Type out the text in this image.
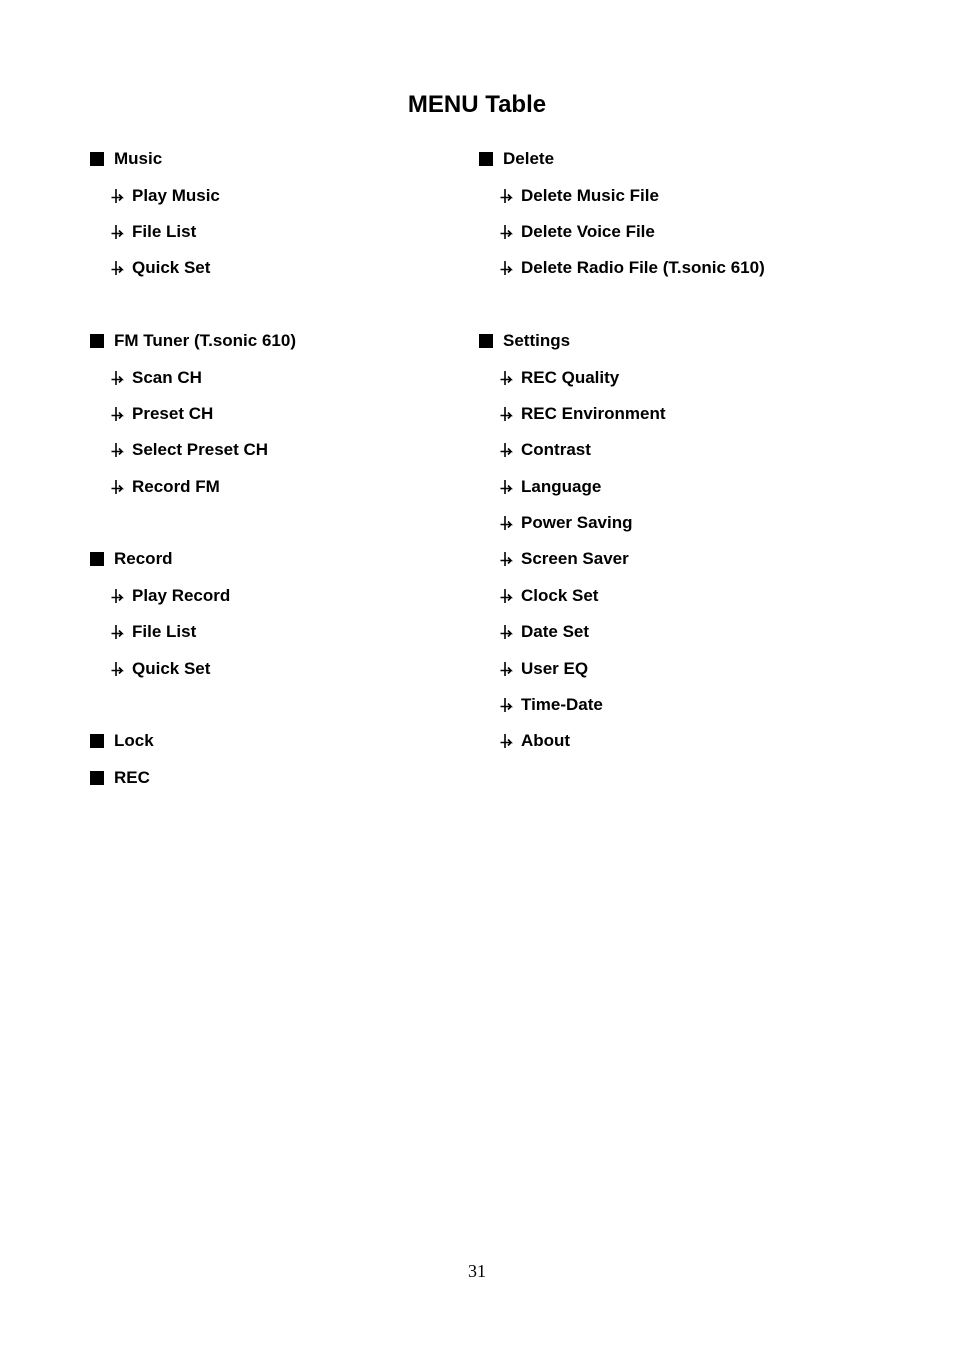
MENU Table
Music
Play Music
File List
Quick Set
FM Tuner (T.sonic 610)
Scan CH
Preset CH
Select Preset CH
Record FM
Record
Play Record
File List
Quick Set
Lock
REC
Delete
Delete Music File
Delete Voice File
Delete Radio File (T.sonic 610)
Settings
REC Quality
REC Environment
Contrast
Language
Power Saving
Screen Saver
Clock Set
Date Set
User EQ
Time-Date
About
31
